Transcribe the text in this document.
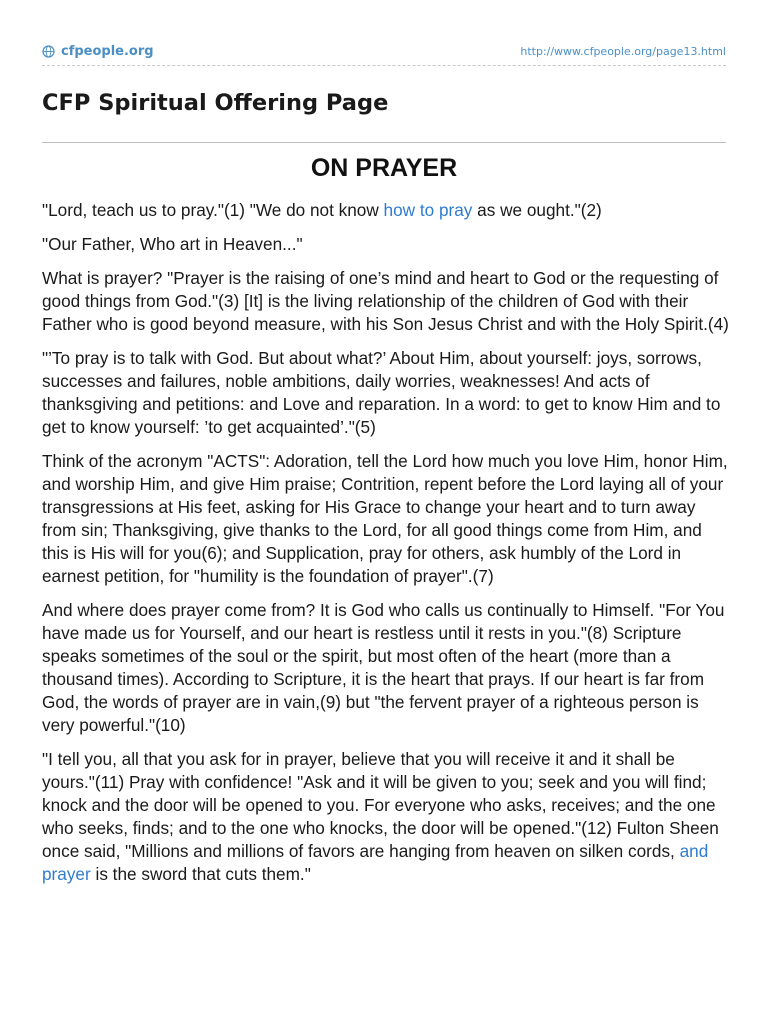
cfpeople.org	http://www.cfpeople.org/page13.html
CFP Spiritual Offering Page
ON PRAYER

"Lord, teach us to pray."(1) "We do not know how to pray as we ought."(2)

"Our Father, Who art in Heaven..."

What is prayer? "Prayer is the raising of one’s mind and heart to God or the requesting of good things from God."(3) [It] is the living relationship of the children of God with their Father who is good beyond measure, with his Son Jesus Christ and with the Holy Spirit.(4)

"’To pray is to talk with God. But about what?’ About Him, about yourself: joys, sorrows, successes and failures, noble ambitions, daily worries, weaknesses! And acts of thanksgiving and petitions: and Love and reparation. In a word: to get to know Him and to get to know yourself: ’to get acquainted’."(5)

Think of the acronym "ACTS": Adoration, tell the Lord how much you love Him, honor Him, and worship Him, and give Him praise; Contrition, repent before the Lord laying all of your transgressions at His feet, asking for His Grace to change your heart and to turn away from sin; Thanksgiving, give thanks to the Lord, for all good things come from Him, and this is His will for you(6); and Supplication, pray for others, ask humbly of the Lord in earnest petition, for "humility is the foundation of prayer".(7)

And where does prayer come from? It is God who calls us continually to Himself. "For You have made us for Yourself, and our heart is restless until it rests in you."(8) Scripture speaks sometimes of the soul or the spirit, but most often of the heart (more than a thousand times). According to Scripture, it is the heart that prays. If our heart is far from God, the words of prayer are in vain,(9) but "the fervent prayer of a righteous person is very powerful."(10)

"I tell you, all that you ask for in prayer, believe that you will receive it and it shall be yours."(11) Pray with confidence! "Ask and it will be given to you; seek and you will find; knock and the door will be opened to you. For everyone who asks, receives; and the one who seeks, finds; and to the one who knocks, the door will be opened."(12) Fulton Sheen once said, "Millions and millions of favors are hanging from heaven on silken cords, and prayer is the sword that cuts them."
